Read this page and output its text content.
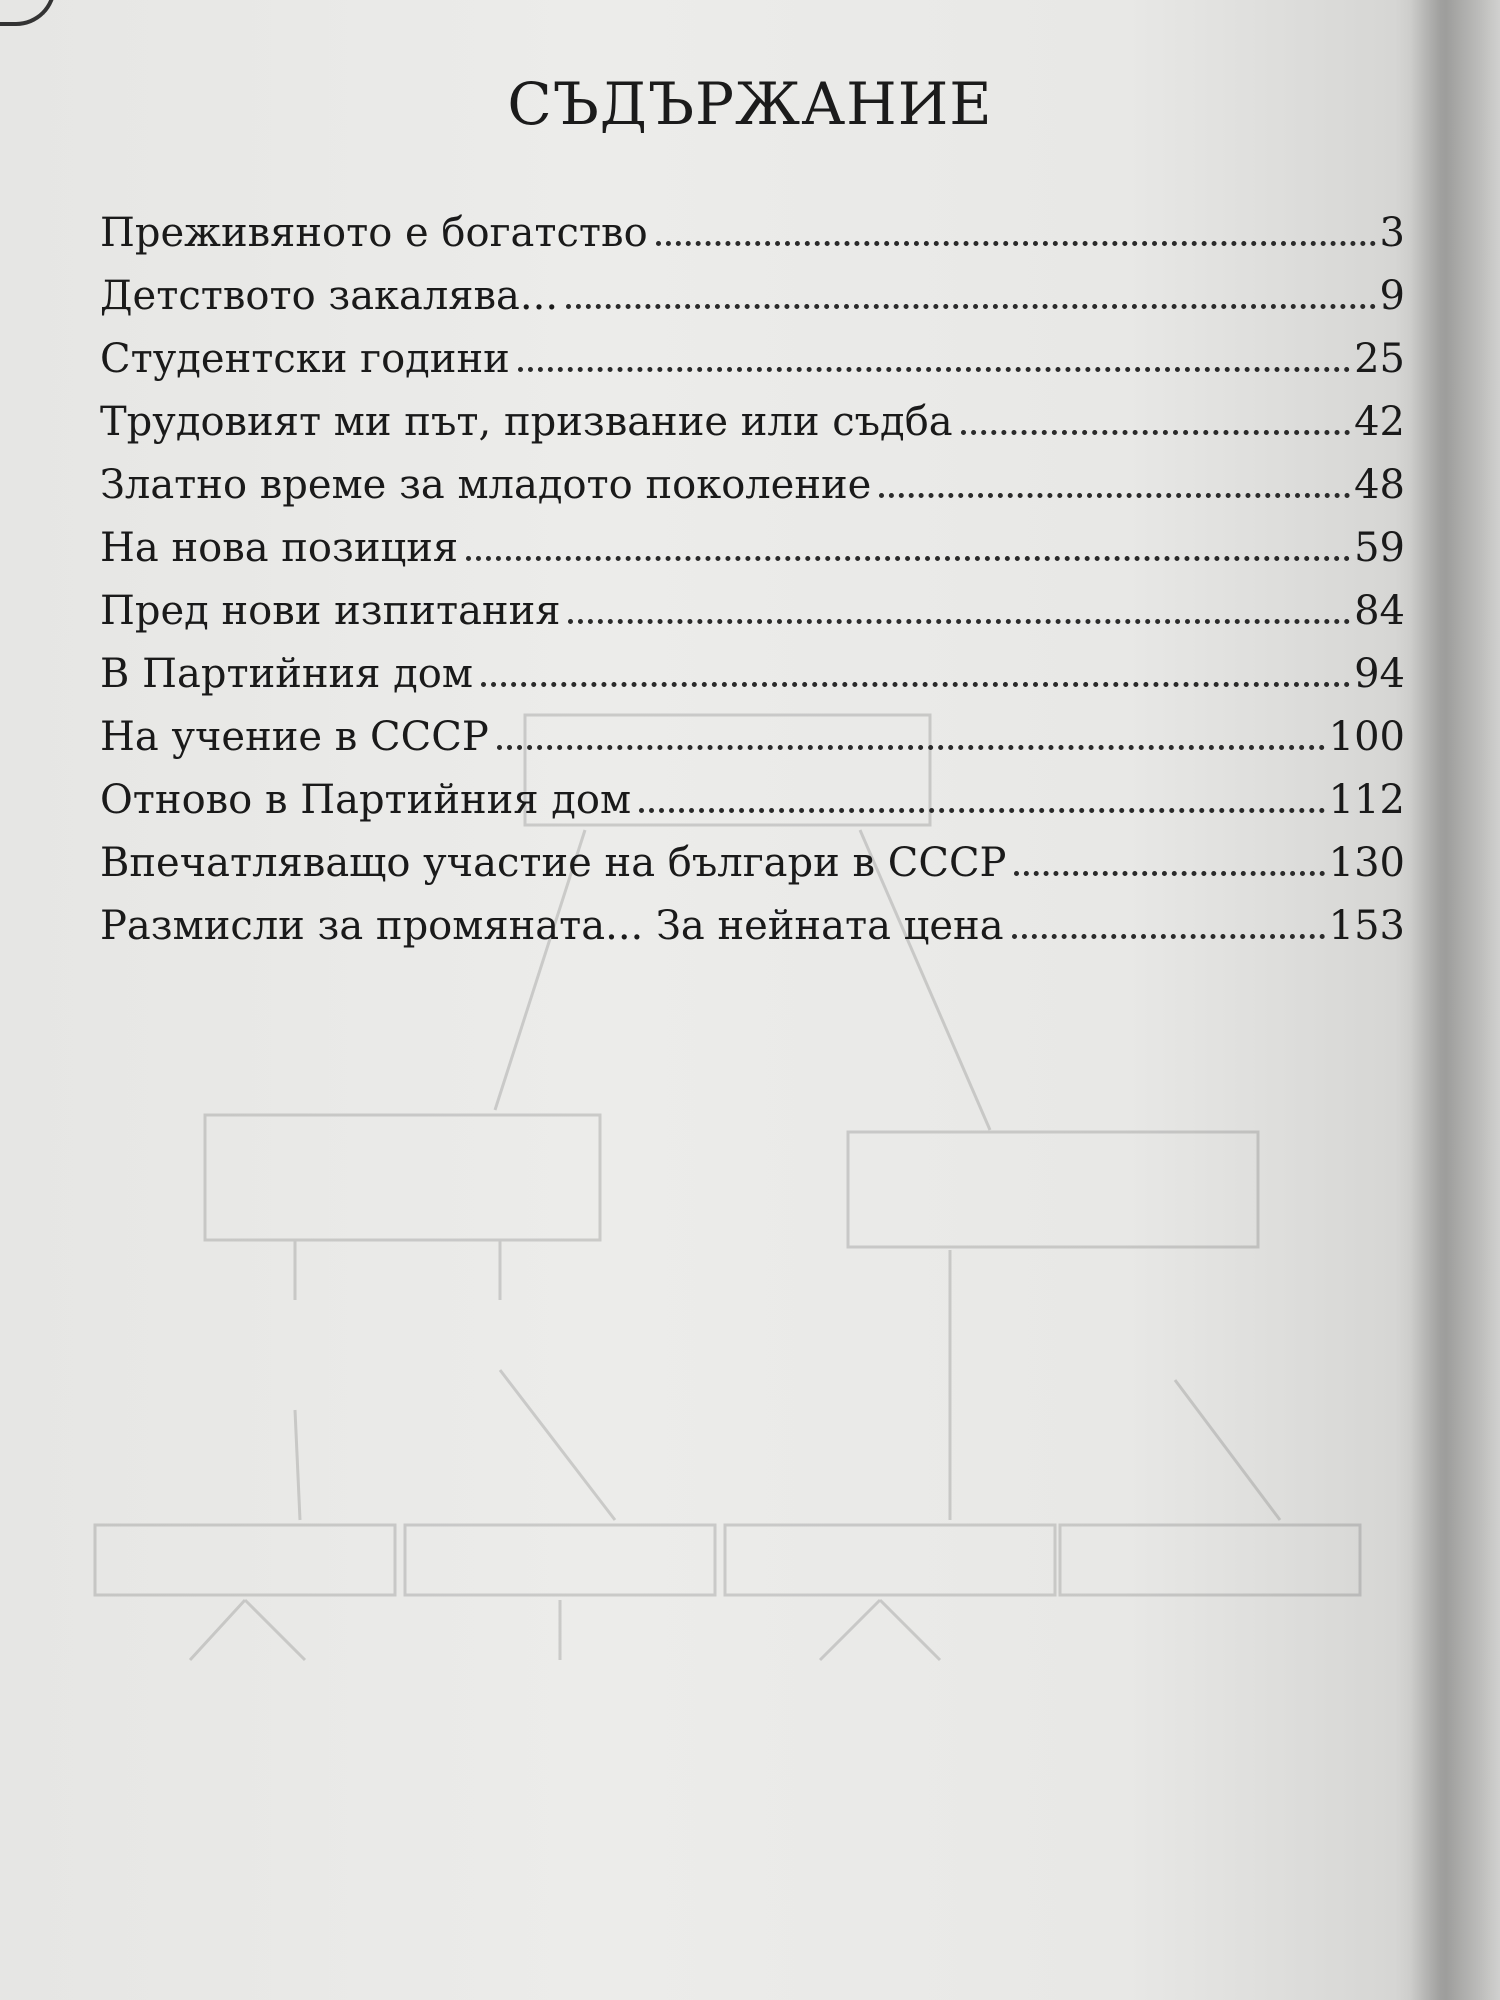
СЪДЪРЖАНИЕ
Преживяното е богатство	3
Детството закалява...	9
Студентски години	25
Трудовият ми път, призвание или съдба	42
Златно време за младото поколение	48
На нова позиция	59
Пред нови изпитания	84
В Партийния дом	94
На учение в СССР	100
Отново в Партийния дом	112
Впечатляващо участие на българи в СССР	130
Размисли за промяната... За нейната цена	153
